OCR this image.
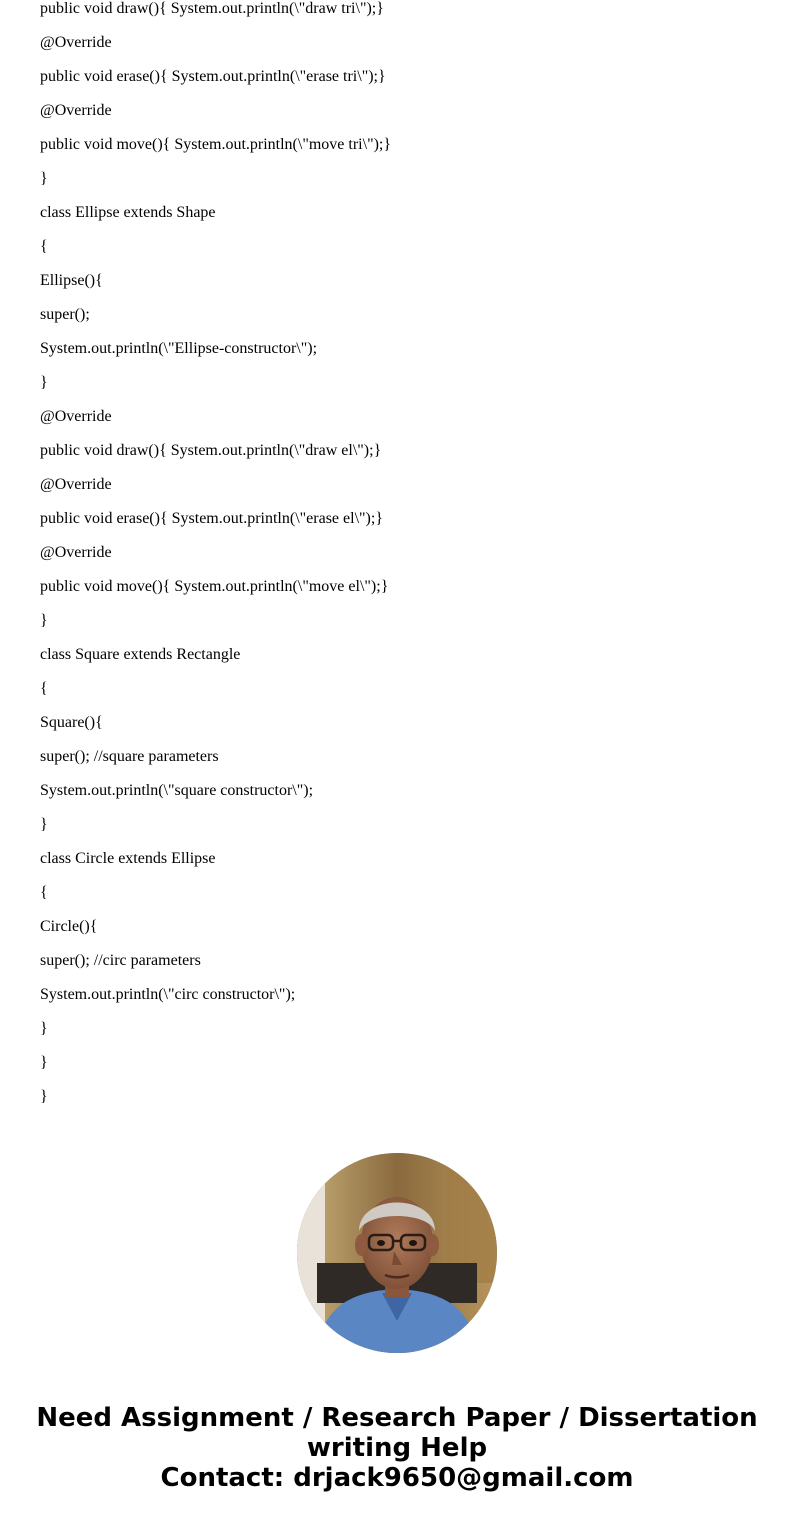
public void draw(){ System.out.println(\"draw tri\");}
@Override
public void erase(){ System.out.println(\"erase tri\");}
@Override
public void move(){ System.out.println(\"move tri\");}
}
class Ellipse extends Shape
{
Ellipse(){
super();
System.out.println(\"Ellipse-constructor\");
}
@Override
public void draw(){ System.out.println(\"draw el\");}
@Override
public void erase(){ System.out.println(\"erase el\");}
@Override
public void move(){ System.out.println(\"move el\");}
}
class Square extends Rectangle
{
Square(){
super(); //square parameters
System.out.println(\"square constructor\");
}
class Circle extends Ellipse
{
Circle(){
super(); //circ parameters
System.out.println(\"circ constructor\");
}
}
}
Need Assignment / Research Paper / Dissertation
writing Help
Contact: drjack9650@gmail.com
